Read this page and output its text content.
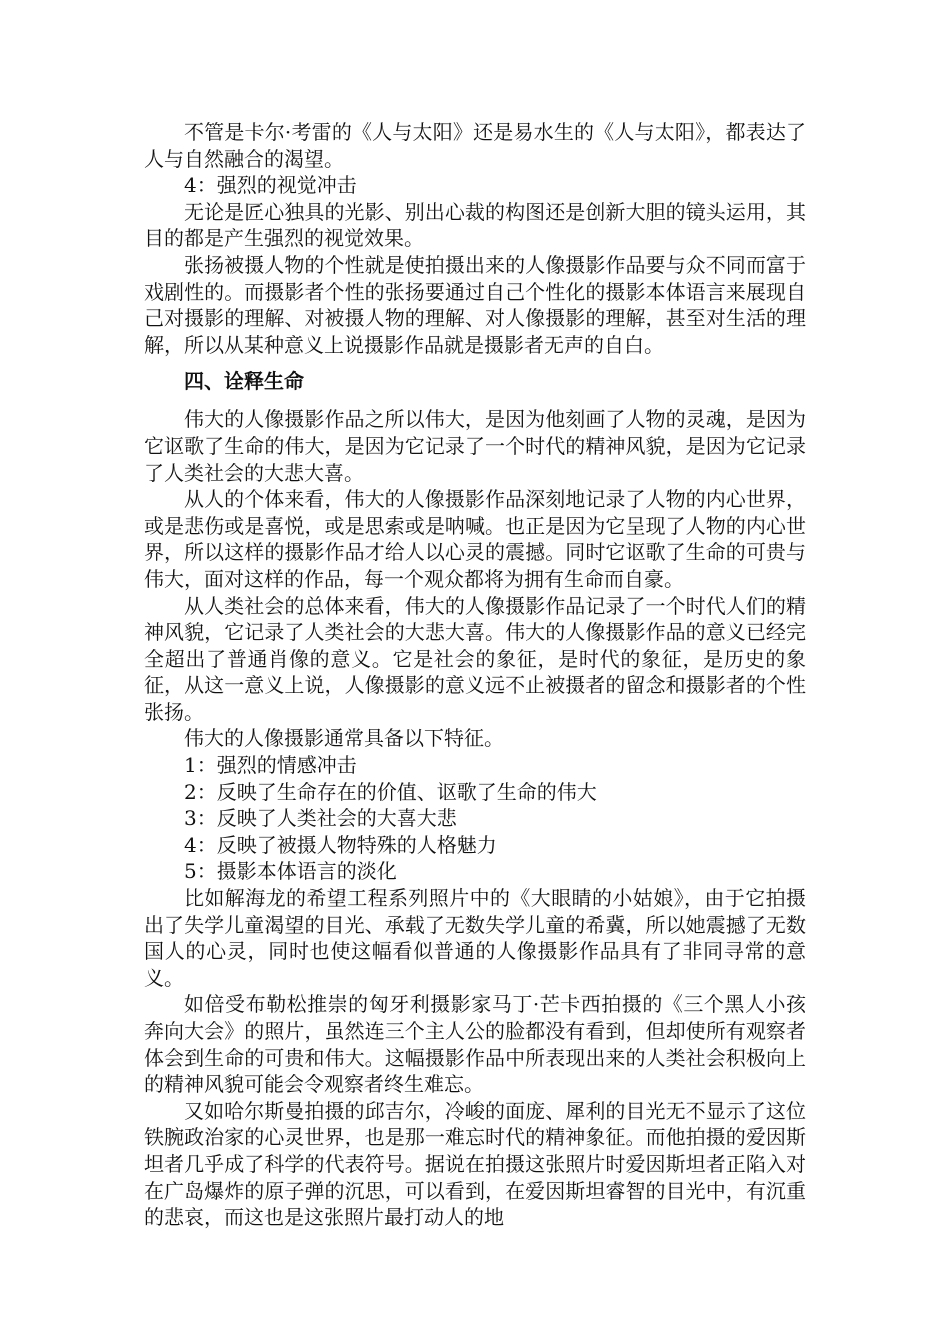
不管是卡尔·考雷的《人与太阳》还是易水生的《人与太阳》，都表达了人与自然融合的渴望。

4：强烈的视觉冲击

无论是匠心独具的光影、别出心裁的构图还是创新大胆的镜头运用，其目的都是产生强烈的视觉效果。

张扬被摄人物的个性就是使拍摄出来的人像摄影作品要与众不同而富于戏剧性的。而摄影者个性的张扬要通过自己个性化的摄影本体语言来展现自己对摄影的理解、对被摄人物的理解、对人像摄影的理解，甚至对生活的理解，所以从某种意义上说摄影作品就是摄影者无声的自白。

四、诠释生命

伟大的人像摄影作品之所以伟大，是因为他刻画了人物的灵魂，是因为它讴歌了生命的伟大，是因为它记录了一个时代的精神风貌，是因为它记录了人类社会的大悲大喜。

从人的个体来看，伟大的人像摄影作品深刻地记录了人物的内心世界，或是悲伤或是喜悦，或是思索或是呐喊。也正是因为它呈现了人物的内心世界，所以这样的摄影作品才给人以心灵的震撼。同时它讴歌了生命的可贵与伟大，面对这样的作品，每一个观众都将为拥有生命而自豪。

从人类社会的总体来看，伟大的人像摄影作品记录了一个时代人们的精神风貌，它记录了人类社会的大悲大喜。伟大的人像摄影作品的意义已经完全超出了普通肖像的意义。它是社会的象征，是时代的象征，是历史的象征，从这一意义上说，人像摄影的意义远不止被摄者的留念和摄影者的个性张扬。

伟大的人像摄影通常具备以下特征。

1：强烈的情感冲击

2：反映了生命存在的价值、讴歌了生命的伟大

3：反映了人类社会的大喜大悲

4：反映了被摄人物特殊的人格魅力

5：摄影本体语言的淡化

比如解海龙的希望工程系列照片中的《大眼睛的小姑娘》，由于它拍摄出了失学儿童渴望的目光、承载了无数失学儿童的希冀，所以她震撼了无数国人的心灵，同时也使这幅看似普通的人像摄影作品具有了非同寻常的意义。

如倍受布勒松推崇的匈牙利摄影家马丁·芒卡西拍摄的《三个黑人小孩奔向大会》的照片，虽然连三个主人公的脸都没有看到，但却使所有观察者体会到生命的可贵和伟大。这幅摄影作品中所表现出来的人类社会积极向上的精神风貌可能会令观察者终生难忘。

又如哈尔斯曼拍摄的邱吉尔，冷峻的面庞、犀利的目光无不显示了这位铁腕政治家的心灵世界，也是那一难忘时代的精神象征。而他拍摄的爱因斯坦者几乎成了科学的代表符号。据说在拍摄这张照片时爱因斯坦者正陷入对在广岛爆炸的原子弹的沉思，可以看到，在爱因斯坦睿智的目光中，有沉重的悲哀，而这也是这张照片最打动人的地
